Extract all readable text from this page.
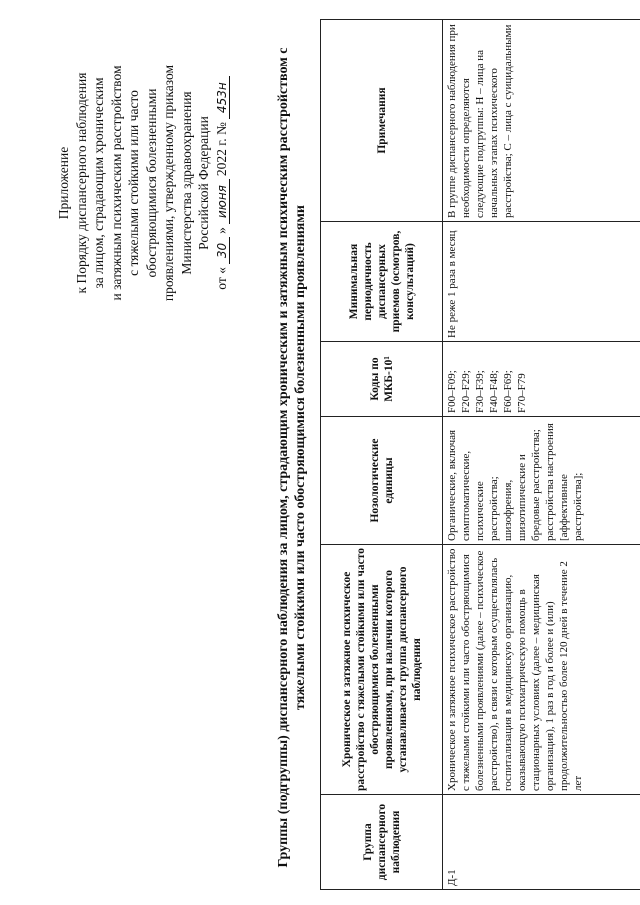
Приложение к Порядку диспансерного наблюдения за лицом, страдающим хроническим и затяжным психическим расстройством с тяжелыми стойкими или часто обостряющимися болезненными проявлениями, утвержденному приказом Министерства здравоохранения Российской Федерации
от «
30
»
июня
2022 г. №
453н	Группы (подгруппы) диспансерного наблюдения за лицом, страдающим хроническим и затяжным психическим расстройством с тяжелыми стойкими или часто обостряющимися болезненными проявлениями
Группа диспансерного наблюдения	Хроническое и затяжное психическое расстройство с тяжелыми стойкими или часто обостряющимися болезненными проявлениями, при наличии которого устанавливается группа диспансерного наблюдения	Нозологические единицы	Коды по МКБ-10¹	Минимальная периодичность диспансерных приемов (осмотров, консультаций)	Примечания
Д-1	Хроническое и затяжное психическое расстройство с тяжелыми стойкими или часто обостряющимися болезненными проявлениями (далее – психическое расстройство), в связи с которым осуществлялась госпитализация в медицинскую организацию, оказывающую психиатрическую помощь в стационарных условиях (далее – медицинская организация), 1 раз в год и более и (или) продолжительностью более 120 дней в течение 2 лет	Органические, включая симптоматические, психические расстройства; шизофрения, шизотипические и бредовые расстройства; расстройства настроения [аффективные расстройства];	F00–F09; F20–F29; F30–F39; F40–F48; F60–F69; F70–F79	Не реже 1 раза в месяц	В группе диспансерного наблюдения при необходимости определяются следующие подгруппы: Н – лица на начальных этапах психического расстройства; С – лица с суицидальными
